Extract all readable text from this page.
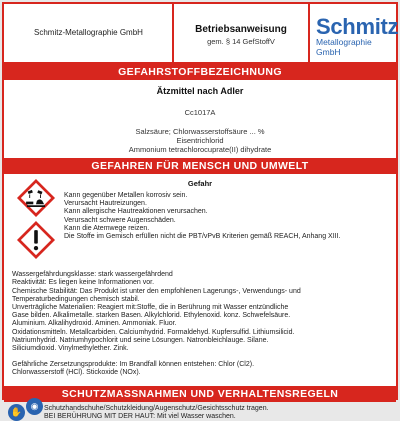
Schmitz-Metallographie GmbH	Betriebsanweisung
gem. § 14 GefStoffV
Schmitz
Metallographie GmbH
GEFAHRSTOFFBEZEICHNUNG
Ätzmittel nach Adler
Cc1017A
Salzsäure; Chlorwasserstoffsäure ... %
Eisentrichlorid
Ammonium tetrachlorocuprate(II) dihydrate
GEFAHREN FÜR MENSCH UND UMWELT
Gefahr
Kann gegenüber Metallen korrosiv sein.
Verursacht Hautreizungen.
Kann allergische Hautreaktionen verursachen.
Verursacht schwere Augenschäden.
Kann die Atemwege reizen.
Die Stoffe im Gemisch erfüllen nicht die PBT/vPvB Kriterien gemäß REACH, Anhang XIII.
Wassergefährdungsklasse: stark wassergefährdend
Reaktivität: Es liegen keine Informationen vor.
Chemische Stabilität: Das Produkt ist unter den empfohlenen Lagerungs-, Verwendungs- und
Temperaturbedingungen chemisch stabil.
Unverträgliche Materialien: Reagiert mit:Stoffe, die in Berührung mit Wasser entzündliche
Gase bilden. Alkalimetalle. starken Basen. Alkylchlorid. Ethylenoxid. konz. Schwefelsäure.
Aluminium. Alkalihydroxid. Aminen. Ammoniak. Fluor.
Oxidationsmitteln. Metallcarbiden. Calciumhydrid. Formaldehyd. Kupfersulfid. Lithiumsilicid.
Natriumhydrid. Natriumhypochlorit und seine Lösungen. Natronbleichlauge. Silane.
Siliciumdioxid. Vinylmethylether. Zink.
Gefährliche Zersetzungsprodukte: Im Brandfall können entstehen: Chlor (Cl2).
Chlorwasserstoff (HCl). Stickoxide (NOx).
SCHUTZMASSNAHMEN UND VERHALTENSREGELN
✋
◉ Schutzhandschuhe/Schutzkleidung/Augenschutz/Gesichtsschutz tragen.
BEI BERÜHRUNG MIT DER HAUT: Mit viel Wasser waschen.
